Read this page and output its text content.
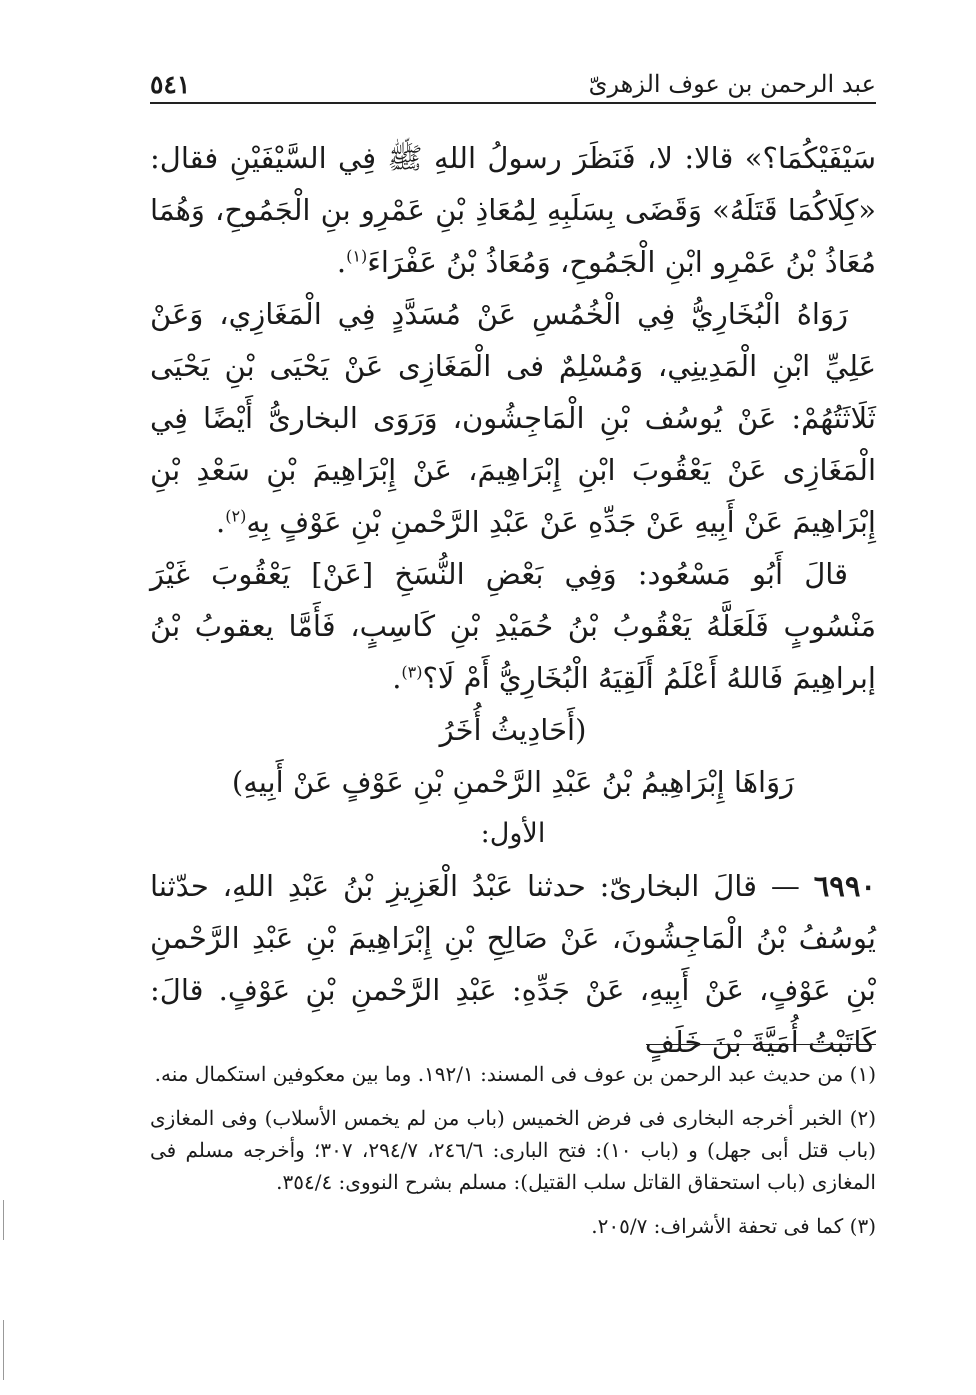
عبد الرحمن بن عوف الزهرىّ
٥٤١

سَيْفَيْكُمَا؟» قالا: لا، فَنَظَرَ رسولُ اللهِ ﷺ فِي السَّيْفَيْنِ فقال: «كِلَاكُمَا قَتَلَهُ» وَقَضَى بِسَلَبِهِ لِمُعَاذِ بْنِ عَمْرِو بنِ الْجَمُوحِ، وَهُمَا مُعَاذُ بْنُ عَمْرِو ابْنِ الْجَمُوحِ، وَمُعَاذُ بْنُ عَفْرَاءَ$^{(١)}$.

رَوَاهُ الْبُخَارِيُّ فِي الْخُمُسِ عَنْ مُسَدَّدٍ فِي الْمَغَازِي، وَعَنْ عَلِيِّ ابْنِ الْمَدِينِي، وَمُسْلِمٌ فى الْمَغَازِى عَنْ يَحْيَى بْنِ يَحْيَى ثَلَاثَتُهُمْ: عَنْ يُوسُف بْنِ الْمَاجِشُون، وَرَوَى البخارىُّ أَيْضًا فِي الْمَغَازِى عَنْ يَعْقُوبَ ابْنِ إِبْرَاهِيمَ، عَنْ إِبْرَاهِيمَ بْنِ سَعْدِ بْنِ إِبْرَاهِيمَ عَنْ أَبِيهِ عَنْ جَدِّهِ عَنْ عَبْدِ الرَّحْمنِ بْنِ عَوْفٍ بِهِ$^{(٢)}$.

قالَ أَبُو مَسْعُود: وَفِي بَعْضِ النُّسَخِ [عَنْ] يَعْقُوبَ غَيْرَ مَنْسُوبٍ فَلَعَلَّهُ يَعْقُوبُ بْنُ حُمَيْدِ بْنِ كَاسِبٍ، فَأَمَّا يعقوبُ بْنُ إبراهِيمَ فَاللهُ أَعْلَمُ أَلَقِيَهُ الْبُخَارِيُّ أَمْ لَا؟$^{(٣)}$.

(أَحَادِيثُ أُخَرُ

رَوَاهَا إِبْرَاهِيمُ بْنُ عَبْدِ الرَّحْمنِ بْنِ عَوْفٍ عَنْ أَبِيهِ)

الأول:

٦٩٩٠ — قالَ البخارىّ: حدثنا عَبْدُ الْعَزِيزِ بْنُ عَبْدِ اللهِ، حدّثنا يُوسُفُ بْنُ الْمَاجِشُونَ، عَنْ صَالِحِ بْنِ إِبْرَاهِيمَ بْنِ عَبْدِ الرَّحْمنِ بْنِ عَوْفٍ، عَنْ أَبِيهِ، عَنْ جَدِّهِ: عَبْدِ الرَّحْمنِ بْنِ عَوْفٍ. قالَ: كَاتَبْتُ أُمَيَّةَ بْنَ خَلَفٍ

(١) من حديث عبد الرحمن بن عوف فى المسند: ١٩٢/١. وما بين معكوفين استكمال منه.

(٢) الخبر أخرجه البخارى فى فرض الخميس (باب من لم يخمس الأسلاب) وفى المغازى (باب قتل أبى جهل) و (باب ١٠): فتح البارى: ٢٤٦/٦، ٢٩٤/٧، ٣٠٧؛ وأخرجه مسلم فى المغازى (باب استحقاق القاتل سلب القتيل): مسلم بشرح النووى: ٣٥٤/٤.

(٣) كما فى تحفة الأشراف: ٢٠٥/٧.
